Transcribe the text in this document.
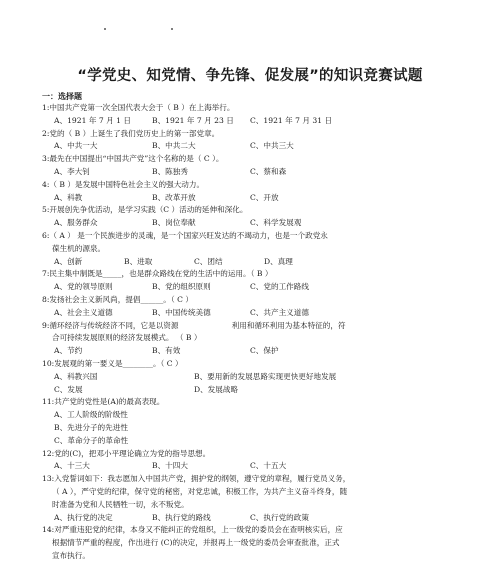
“学党史、知党情、争先锋、促发展”的知识竞赛试题
一：选择题
1:中国共产党第一次全国代表大会于（ B ）在上海举行。
A、1921 年 7 月 1 日	B、1921 年 7 月 23 日	C、1921 年 7 月 31 日
2:党的（ B ）上诞生了我们党历史上的第一部党章。
A、中共一大	B、中共二大	C、中共三大
3:最先在中国提出“中国共产党”这个名称的是（ C ）。
A、李大钊	B、陈独秀	C、蔡和森
4:（ B ）是发展中国特色社会主义的强大动力。
A、科教	B、改革开放	C、开放
5:开展创先争优活动，是学习实践（C ）活动的延伸和深化。
A、服务群众	B、岗位奉献	C、科学发展观
6:（ A ） 是一个民族进步的灵魂，是一个国家兴旺发达的不竭动力，也是一个政党永
葆生机的源泉。
A、创新	B、进取	C、团结	D、真理
7:民主集中制既是_____，也是群众路线在党的生活中的运用。（ B ）
A、党的领导原则	B、党的组织原则	C、党的工作路线
8:发扬社会主义新风尚，提倡______。（ C ）
A、社会主义道德	B、中国传统美德	C、共产主义道德
9:循环经济与传统经济不同，它是以资源　　　　　　　利用和循环利用为基本特征的，符
合可持续发展原则的经济发展模式。 （ B ）
A、节约	B、有效	C、保护
10:发展观的第一要义是________。（ C ）
A、科教兴国	B、要用新的发展思路实现更快更好地发展
C、发展	D、发展战略
11:共产党的党性是(A)的最高表现。
A、工人阶级的阶级性
B、先进分子的先进性
C、革命分子的革命性
12:党的(C)，把邓小平理论确立为党的指导思想。
A、十三大	B、十四大	C、十五大
13:入党誓词如下：我志愿加入中国共产党，拥护党的纲领，遵守党的章程，履行党员义务，
（ A ），严守党的纪律，保守党的秘密，对党忠诚，积极工作，为共产主义奋斗终身，随
时准备为党和人民牺牲一切，永不叛党。
A、执行党的决定	B、执行党的路线	C、执行党的政策
14:对严重违犯党的纪律，本身又不能纠正的党组织，上一级党的委员会在查明核实后，应
根据情节严重的程度，作出进行 (C)的决定，并报再上一级党的委员会审查批准，正式
宣布执行。
